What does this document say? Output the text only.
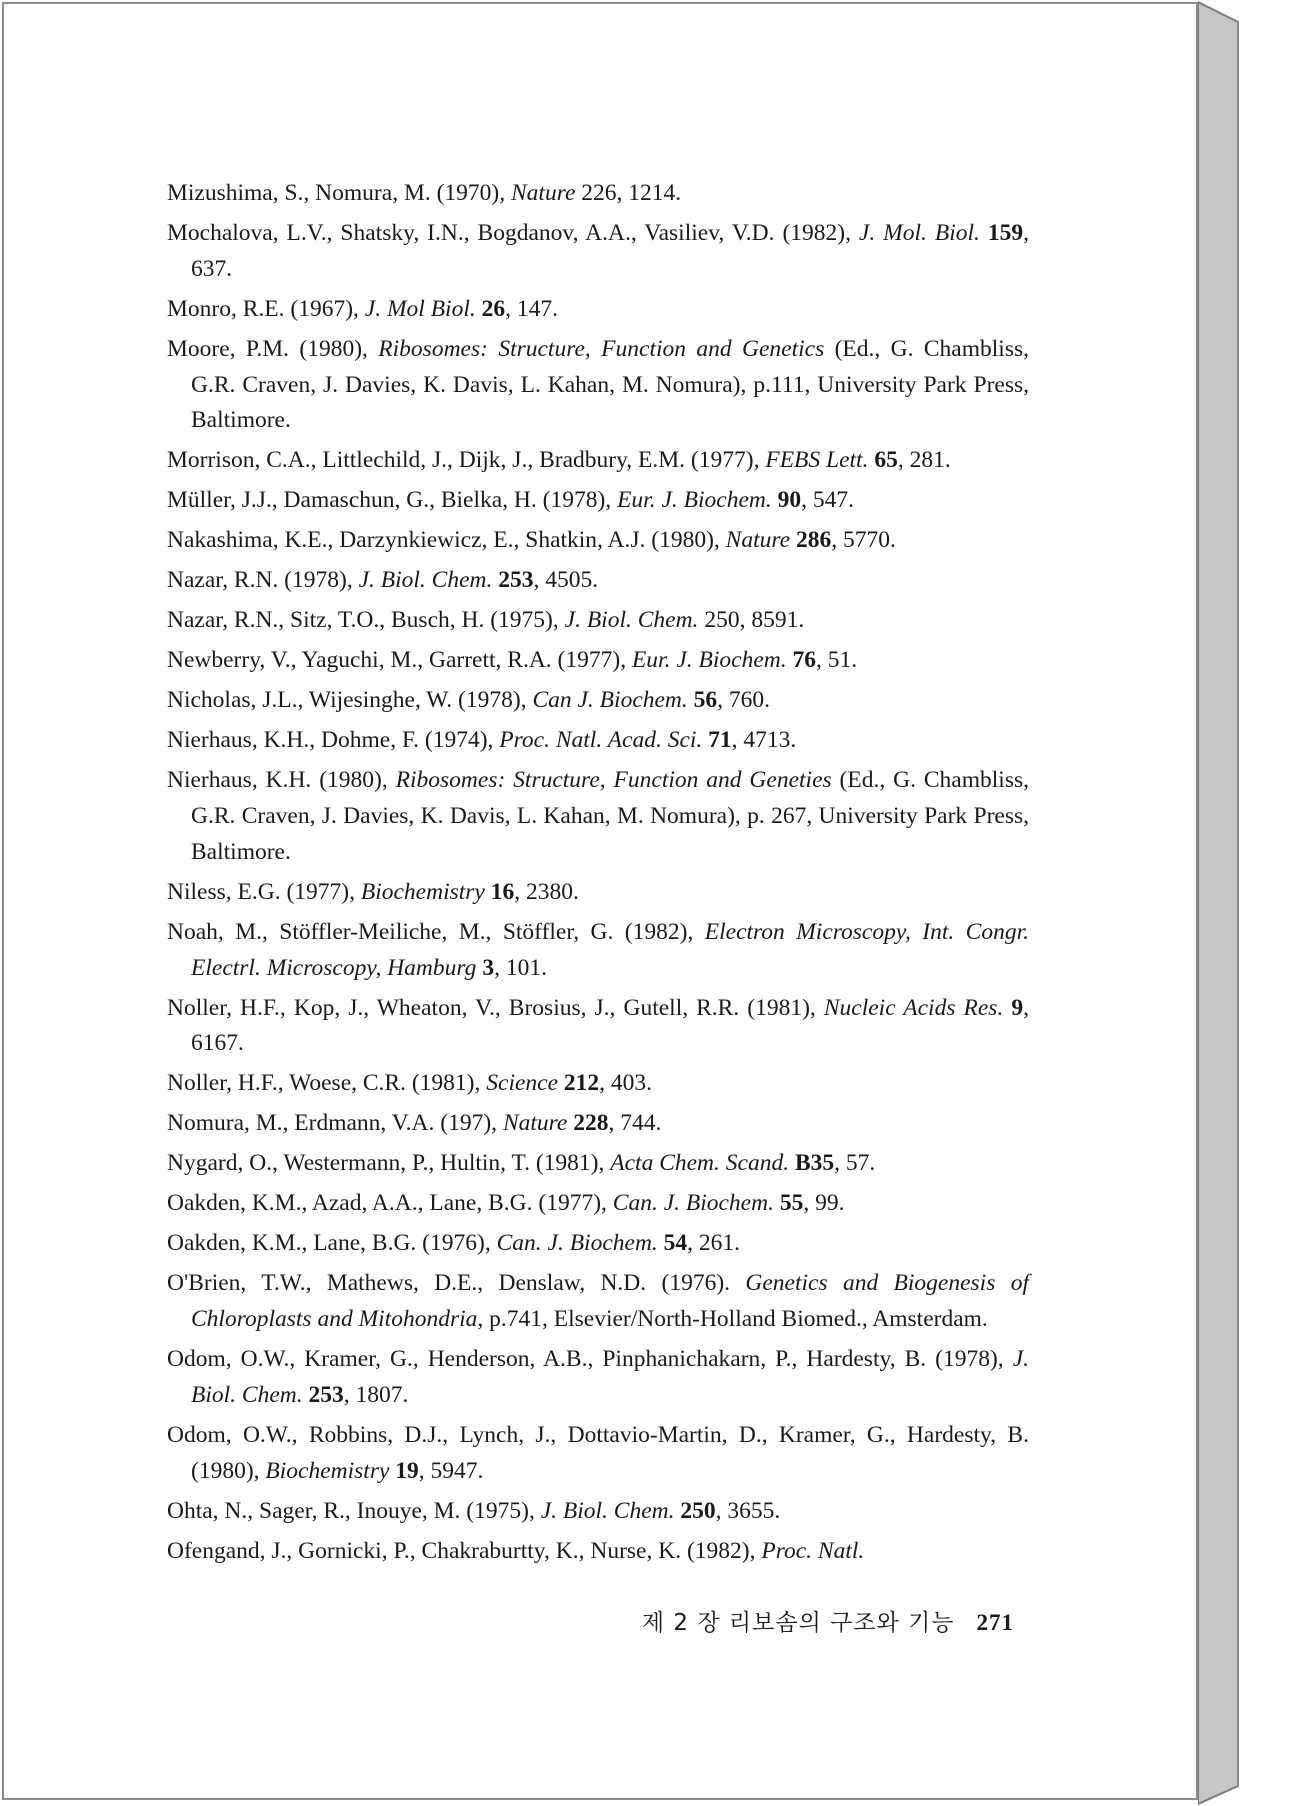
Mizushima, S., Nomura, M. (1970), Nature 226, 1214.

Mochalova, L.V., Shatsky, I.N., Bogdanov, A.A., Vasiliev, V.D. (1982), J. Mol. Biol. 159, 637.

Monro, R.E. (1967), J. Mol Biol. 26, 147.

Moore, P.M. (1980), Ribosomes: Structure, Function and Genetics (Ed., G. Chambliss, G.R. Craven, J. Davies, K. Davis, L. Kahan, M. Nomura), p.111, University Park Press, Baltimore.

Morrison, C.A., Littlechild, J., Dijk, J., Bradbury, E.M. (1977), FEBS Lett. 65, 281.

Müller, J.J., Damaschun, G., Bielka, H. (1978), Eur. J. Biochem. 90, 547.

Nakashima, K.E., Darzynkiewicz, E., Shatkin, A.J. (1980), Nature 286, 5770.

Nazar, R.N. (1978), J. Biol. Chem. 253, 4505.

Nazar, R.N., Sitz, T.O., Busch, H. (1975), J. Biol. Chem. 250, 8591.

Newberry, V., Yaguchi, M., Garrett, R.A. (1977), Eur. J. Biochem. 76, 51.

Nicholas, J.L., Wijesinghe, W. (1978), Can J. Biochem. 56, 760.

Nierhaus, K.H., Dohme, F. (1974), Proc. Natl. Acad. Sci. 71, 4713.

Nierhaus, K.H. (1980), Ribosomes: Structure, Function and Geneties (Ed., G. Chambliss, G.R. Craven, J. Davies, K. Davis, L. Kahan, M. Nomura), p. 267, University Park Press, Baltimore.

Niless, E.G. (1977), Biochemistry 16, 2380.

Noah, M., Stöffler-Meiliche, M., Stöffler, G. (1982), Electron Microscopy, Int. Congr. Electrl. Microscopy, Hamburg 3, 101.

Noller, H.F., Kop, J., Wheaton, V., Brosius, J., Gutell, R.R. (1981), Nucleic Acids Res. 9, 6167.

Noller, H.F., Woese, C.R. (1981), Science 212, 403.

Nomura, M., Erdmann, V.A. (197), Nature 228, 744.

Nygard, O., Westermann, P., Hultin, T. (1981), Acta Chem. Scand. B35, 57.

Oakden, K.M., Azad, A.A., Lane, B.G. (1977), Can. J. Biochem. 55, 99.

Oakden, K.M., Lane, B.G. (1976), Can. J. Biochem. 54, 261.

O'Brien, T.W., Mathews, D.E., Denslaw, N.D. (1976). Genetics and Biogenesis of Chloroplasts and Mitohondria, p.741, Elsevier/North-Holland Biomed., Amsterdam.

Odom, O.W., Kramer, G., Henderson, A.B., Pinphanichakarn, P., Hardesty, B. (1978), J. Biol. Chem. 253, 1807.

Odom, O.W., Robbins, D.J., Lynch, J., Dottavio-Martin, D., Kramer, G., Hardesty, B. (1980), Biochemistry 19, 5947.

Ohta, N., Sager, R., Inouye, M. (1975), J. Biol. Chem. 250, 3655.

Ofengand, J., Gornicki, P., Chakraburtty, K., Nurse, K. (1982), Proc. Natl.

제 2 장 리보솜의 구조와 기능 271
